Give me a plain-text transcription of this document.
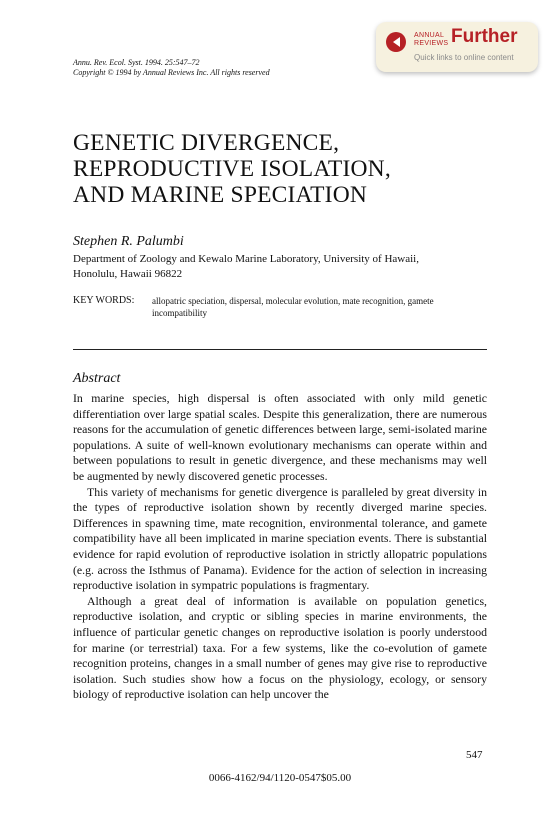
ANNUAL
REVIEWS Further
Quick links to online content
Annu. Rev. Ecol. Syst. 1994. 25:547–72
Copyright © 1994 by Annual Reviews Inc. All rights reserved
GENETIC DIVERGENCE,
REPRODUCTIVE ISOLATION,
AND MARINE SPECIATION
Stephen R. Palumbi
Department of Zoology and Kewalo Marine Laboratory, University of Hawaii,
Honolulu, Hawaii 96822
KEY WORDS: allopatric speciation, dispersal, molecular evolution, mate recognition, gamete incompatibility
Abstract

In marine species, high dispersal is often associated with only mild genetic differentiation over large spatial scales. Despite this generalization, there are numerous reasons for the accumulation of genetic differences between large, semi-isolated marine populations. A suite of well-known evolutionary mechanisms can operate within and between populations to result in genetic divergence, and these mechanisms may well be augmented by newly discovered genetic processes.

This variety of mechanisms for genetic divergence is paralleled by great diversity in the types of reproductive isolation shown by recently diverged marine species. Differences in spawning time, mate recognition, environmental tolerance, and gamete compatibility have all been implicated in marine speciation events. There is substantial evidence for rapid evolution of reproductive isolation in strictly allopatric populations (e.g. across the Isthmus of Panama). Evidence for the action of selection in increasing reproductive isolation in sympatric populations is fragmentary.

Although a great deal of information is available on population genetics, reproductive isolation, and cryptic or sibling species in marine environments, the influence of particular genetic changes on reproductive isolation is poorly understood for marine (or terrestrial) taxa. For a few systems, like the co-evolution of gamete recognition proteins, changes in a small number of genes may give rise to reproductive isolation. Such studies show how a focus on the physiology, ecology, or sensory biology of reproductive isolation can help uncover the

547
0066-4162/94/1120-0547$05.00
